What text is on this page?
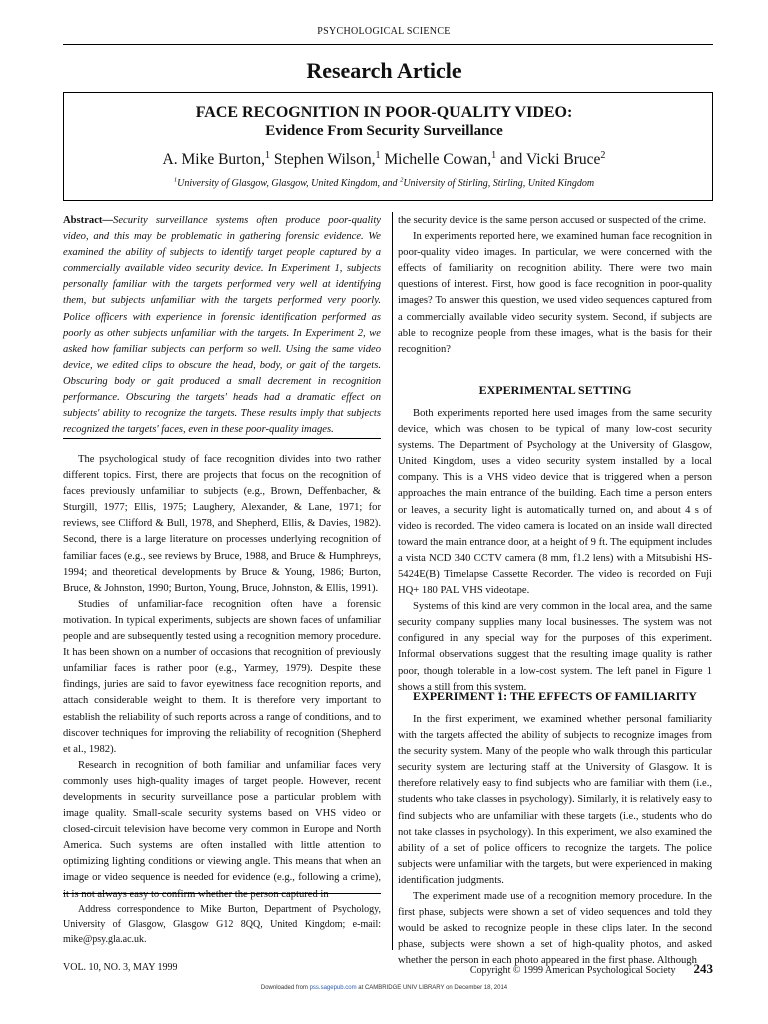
PSYCHOLOGICAL SCIENCE
Research Article
FACE RECOGNITION IN POOR-QUALITY VIDEO:
Evidence From Security Surveillance
A. Mike Burton,$^1$ Stephen Wilson,$^1$ Michelle Cowan,$^1$ and Vicki Bruce$^2$
$^1$University of Glasgow, Glasgow, United Kingdom, and $^2$University of Stirling, Stirling, United Kingdom

Abstract—Security surveillance systems often produce poor-quality video, and this may be problematic in gathering forensic evidence. We examined the ability of subjects to identify target people captured by a commercially available video security device. In Experiment 1, subjects personally familiar with the targets performed very well at identifying them, but subjects unfamiliar with the targets performed very poorly. Police officers with experience in forensic identification performed as poorly as other subjects unfamiliar with the targets. In Experiment 2, we asked how familiar subjects can perform so well. Using the same video device, we edited clips to obscure the head, body, or gait of the targets. Obscuring body or gait produced a small decrement in recognition performance. Obscuring the targets' heads had a dramatic effect on subjects' ability to recognize the targets. These results imply that subjects recognized the targets' faces, even in these poor-quality images.

The psychological study of face recognition divides into two rather different topics. First, there are projects that focus on the recognition of faces previously unfamiliar to subjects (e.g., Brown, Deffenbacher, & Sturgill, 1977; Ellis, 1975; Laughery, Alexander, & Lane, 1971; for reviews, see Clifford & Bull, 1978, and Shepherd, Ellis, & Davies, 1982). Second, there is a large literature on processes underlying recognition of familiar faces (e.g., see reviews by Bruce, 1988, and Bruce & Humphreys, 1994; and theoretical developments by Bruce & Young, 1986; Burton, Bruce, & Johnston, 1990; Burton, Young, Bruce, Johnston, & Ellis, 1991).

Studies of unfamiliar-face recognition often have a forensic motivation. In typical experiments, subjects are shown faces of unfamiliar people and are subsequently tested using a recognition memory procedure. It has been shown on a number of occasions that recognition of previously unfamiliar faces is rather poor (e.g., Yarmey, 1979). Despite these findings, juries are said to favor eyewitness face recognition reports, and attach considerable weight to them. It is therefore very important to establish the reliability of such reports across a range of conditions, and to discover techniques for improving the reliability of recognition (Shepherd et al., 1982).

Research in recognition of both familiar and unfamiliar faces very commonly uses high-quality images of target people. However, recent developments in security surveillance pose a particular problem with image quality. Small-scale security systems based on VHS video or closed-circuit television have become very common in Europe and North America. Such systems are often installed with little attention to optimizing lighting conditions or viewing angle. This means that when an image or video sequence is needed for evidence (e.g., following a crime), it is not always easy to confirm whether the person captured in

Address correspondence to Mike Burton, Department of Psychology, University of Glasgow, Glasgow G12 8QQ, United Kingdom; e-mail: mike@psy.gla.ac.uk.

the security device is the same person accused or suspected of the crime.

In experiments reported here, we examined human face recognition in poor-quality video images. In particular, we were concerned with the effects of familiarity on recognition ability. There were two main questions of interest. First, how good is face recognition in poor-quality images? To answer this question, we used video sequences captured from a commercially available video security system. Second, if subjects are able to recognize people from these images, what is the basis for their recognition?

EXPERIMENTAL SETTING

Both experiments reported here used images from the same security device, which was chosen to be typical of many low-cost security systems. The Department of Psychology at the University of Glasgow, United Kingdom, uses a video security system installed by a local company. This is a VHS video device that is triggered when a person approaches the main entrance of the building. Each time a person enters or leaves, a security light is automatically turned on, and about 4 s of video is recorded. The video camera is located on an inside wall directed toward the main entrance door, at a height of 9 ft. The equipment includes a vista NCD 340 CCTV camera (8 mm, f1.2 lens) with a Mitsubishi HS-5424E(B) Timelapse Cassette Recorder. The video is recorded on Fuji HQ+ 180 PAL VHS videotape.

Systems of this kind are very common in the local area, and the same security company supplies many local businesses. The system was not configured in any special way for the purposes of this experiment. Informal observations suggest that the resulting image quality is rather poor, though tolerable in a low-cost system. The left panel in Figure 1 shows a still from this system.

EXPERIMENT 1: THE EFFECTS OF FAMILIARITY

In the first experiment, we examined whether personal familiarity with the targets affected the ability of subjects to recognize images from the security system. Many of the people who walk through this particular security system are lecturing staff at the University of Glasgow. It is therefore relatively easy to find subjects who are familiar with them (i.e., students who take classes in psychology). Similarly, it is relatively easy to find subjects who are unfamiliar with these targets (i.e., students who do not take classes in psychology). In this experiment, we also examined the ability of a set of police officers to recognize the targets. The police subjects were unfamiliar with the targets, but were experienced in making identification judgments.

The experiment made use of a recognition memory procedure. In the first phase, subjects were shown a set of video sequences and told they would be asked to recognize people in these clips later. In the second phase, subjects were shown a set of high-quality photos, and asked whether the person in each photo appeared in the first phase. Although

VOL. 10, NO. 3, MAY 1999	Copyright © 1999 American Psychological Society 243
Downloaded from pss.sagepub.com at CAMBRIDGE UNIV LIBRARY on December 18, 2014
